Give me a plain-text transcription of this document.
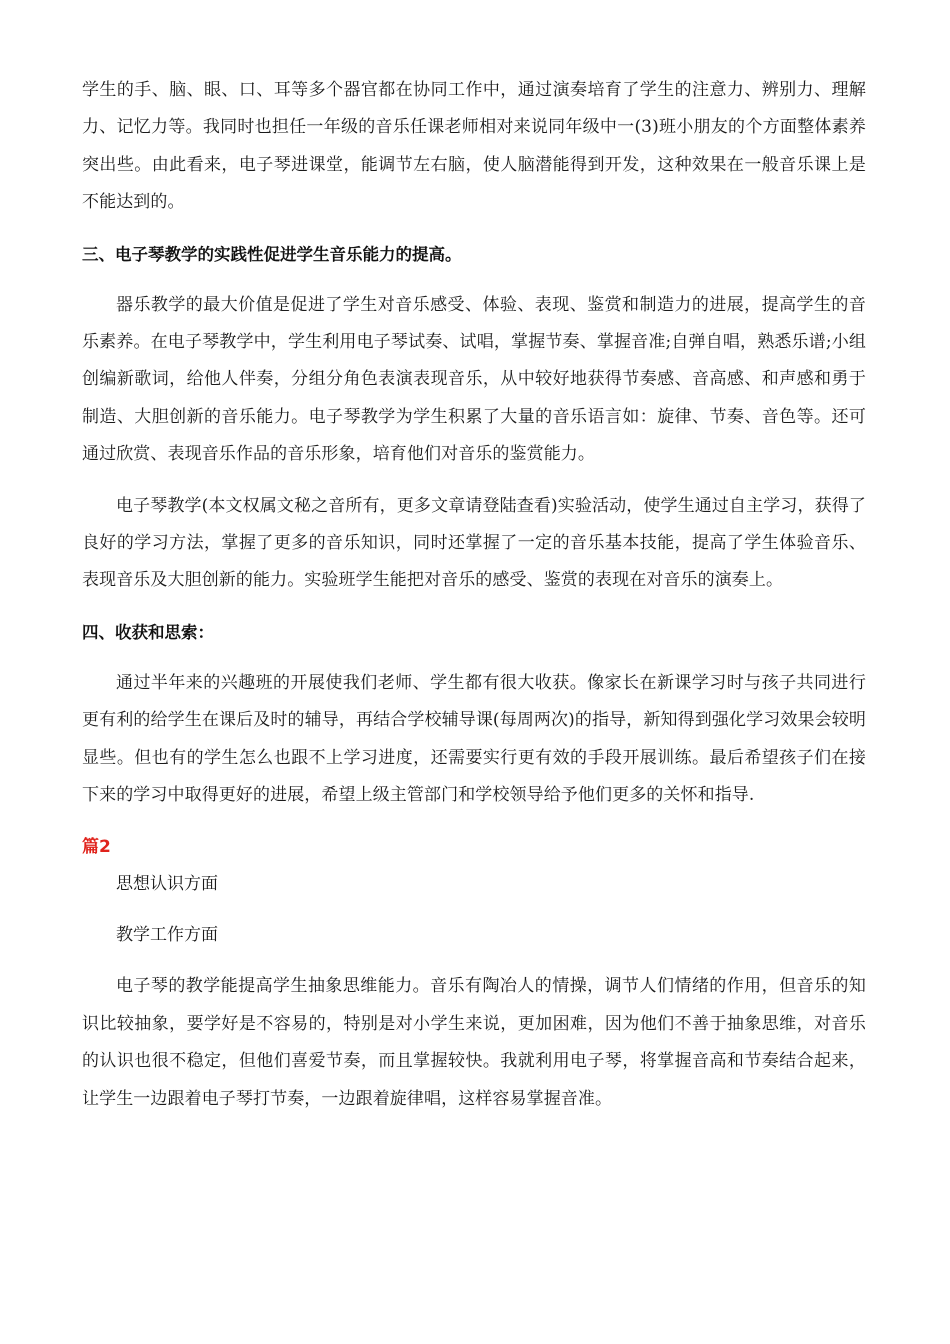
学生的手、脑、眼、口、耳等多个器官都在协同工作中，通过演奏培育了学生的注意力、辨别力、理解力、记忆力等。我同时也担任一年级的音乐任课老师相对来说同年级中一(3)班小朋友的个方面整体素养突出些。由此看来，电子琴进课堂，能调节左右脑，使人脑潜能得到开发，这种效果在一般音乐课上是不能达到的。

三、电子琴教学的实践性促进学生音乐能力的提高。

器乐教学的最大价值是促进了学生对音乐感受、体验、表现、鉴赏和制造力的进展，提高学生的音乐素养。在电子琴教学中，学生利用电子琴试奏、试唱，掌握节奏、掌握音准;自弹自唱，熟悉乐谱;小组创编新歌词，给他人伴奏，分组分角色表演表现音乐，从中较好地获得节奏感、音高感、和声感和勇于制造、大胆创新的音乐能力。电子琴教学为学生积累了大量的音乐语言如：旋律、节奏、音色等。还可通过欣赏、表现音乐作品的音乐形象，培育他们对音乐的鉴赏能力。

电子琴教学(本文权属文秘之音所有，更多文章请登陆查看)实验活动，使学生通过自主学习，获得了良好的学习方法，掌握了更多的音乐知识，同时还掌握了一定的音乐基本技能，提高了学生体验音乐、表现音乐及大胆创新的能力。实验班学生能把对音乐的感受、鉴赏的表现在对音乐的演奏上。

四、收获和思索：

通过半年来的兴趣班的开展使我们老师、学生都有很大收获。像家长在新课学习时与孩子共同进行更有利的给学生在课后及时的辅导，再结合学校辅导课(每周两次)的指导，新知得到强化学习效果会较明显些。但也有的学生怎么也跟不上学习进度，还需要实行更有效的手段开展训练。最后希望孩子们在接下来的学习中取得更好的进展，希望上级主管部门和学校领导给予他们更多的关怀和指导.

篇2

思想认识方面

教学工作方面

电子琴的教学能提高学生抽象思维能力。音乐有陶冶人的情操，调节人们情绪的作用，但音乐的知识比较抽象，要学好是不容易的，特别是对小学生来说，更加困难，因为他们不善于抽象思维，对音乐的认识也很不稳定，但他们喜爱节奏，而且掌握较快。我就利用电子琴，将掌握音高和节奏结合起来，让学生一边跟着电子琴打节奏，一边跟着旋律唱，这样容易掌握音准。
